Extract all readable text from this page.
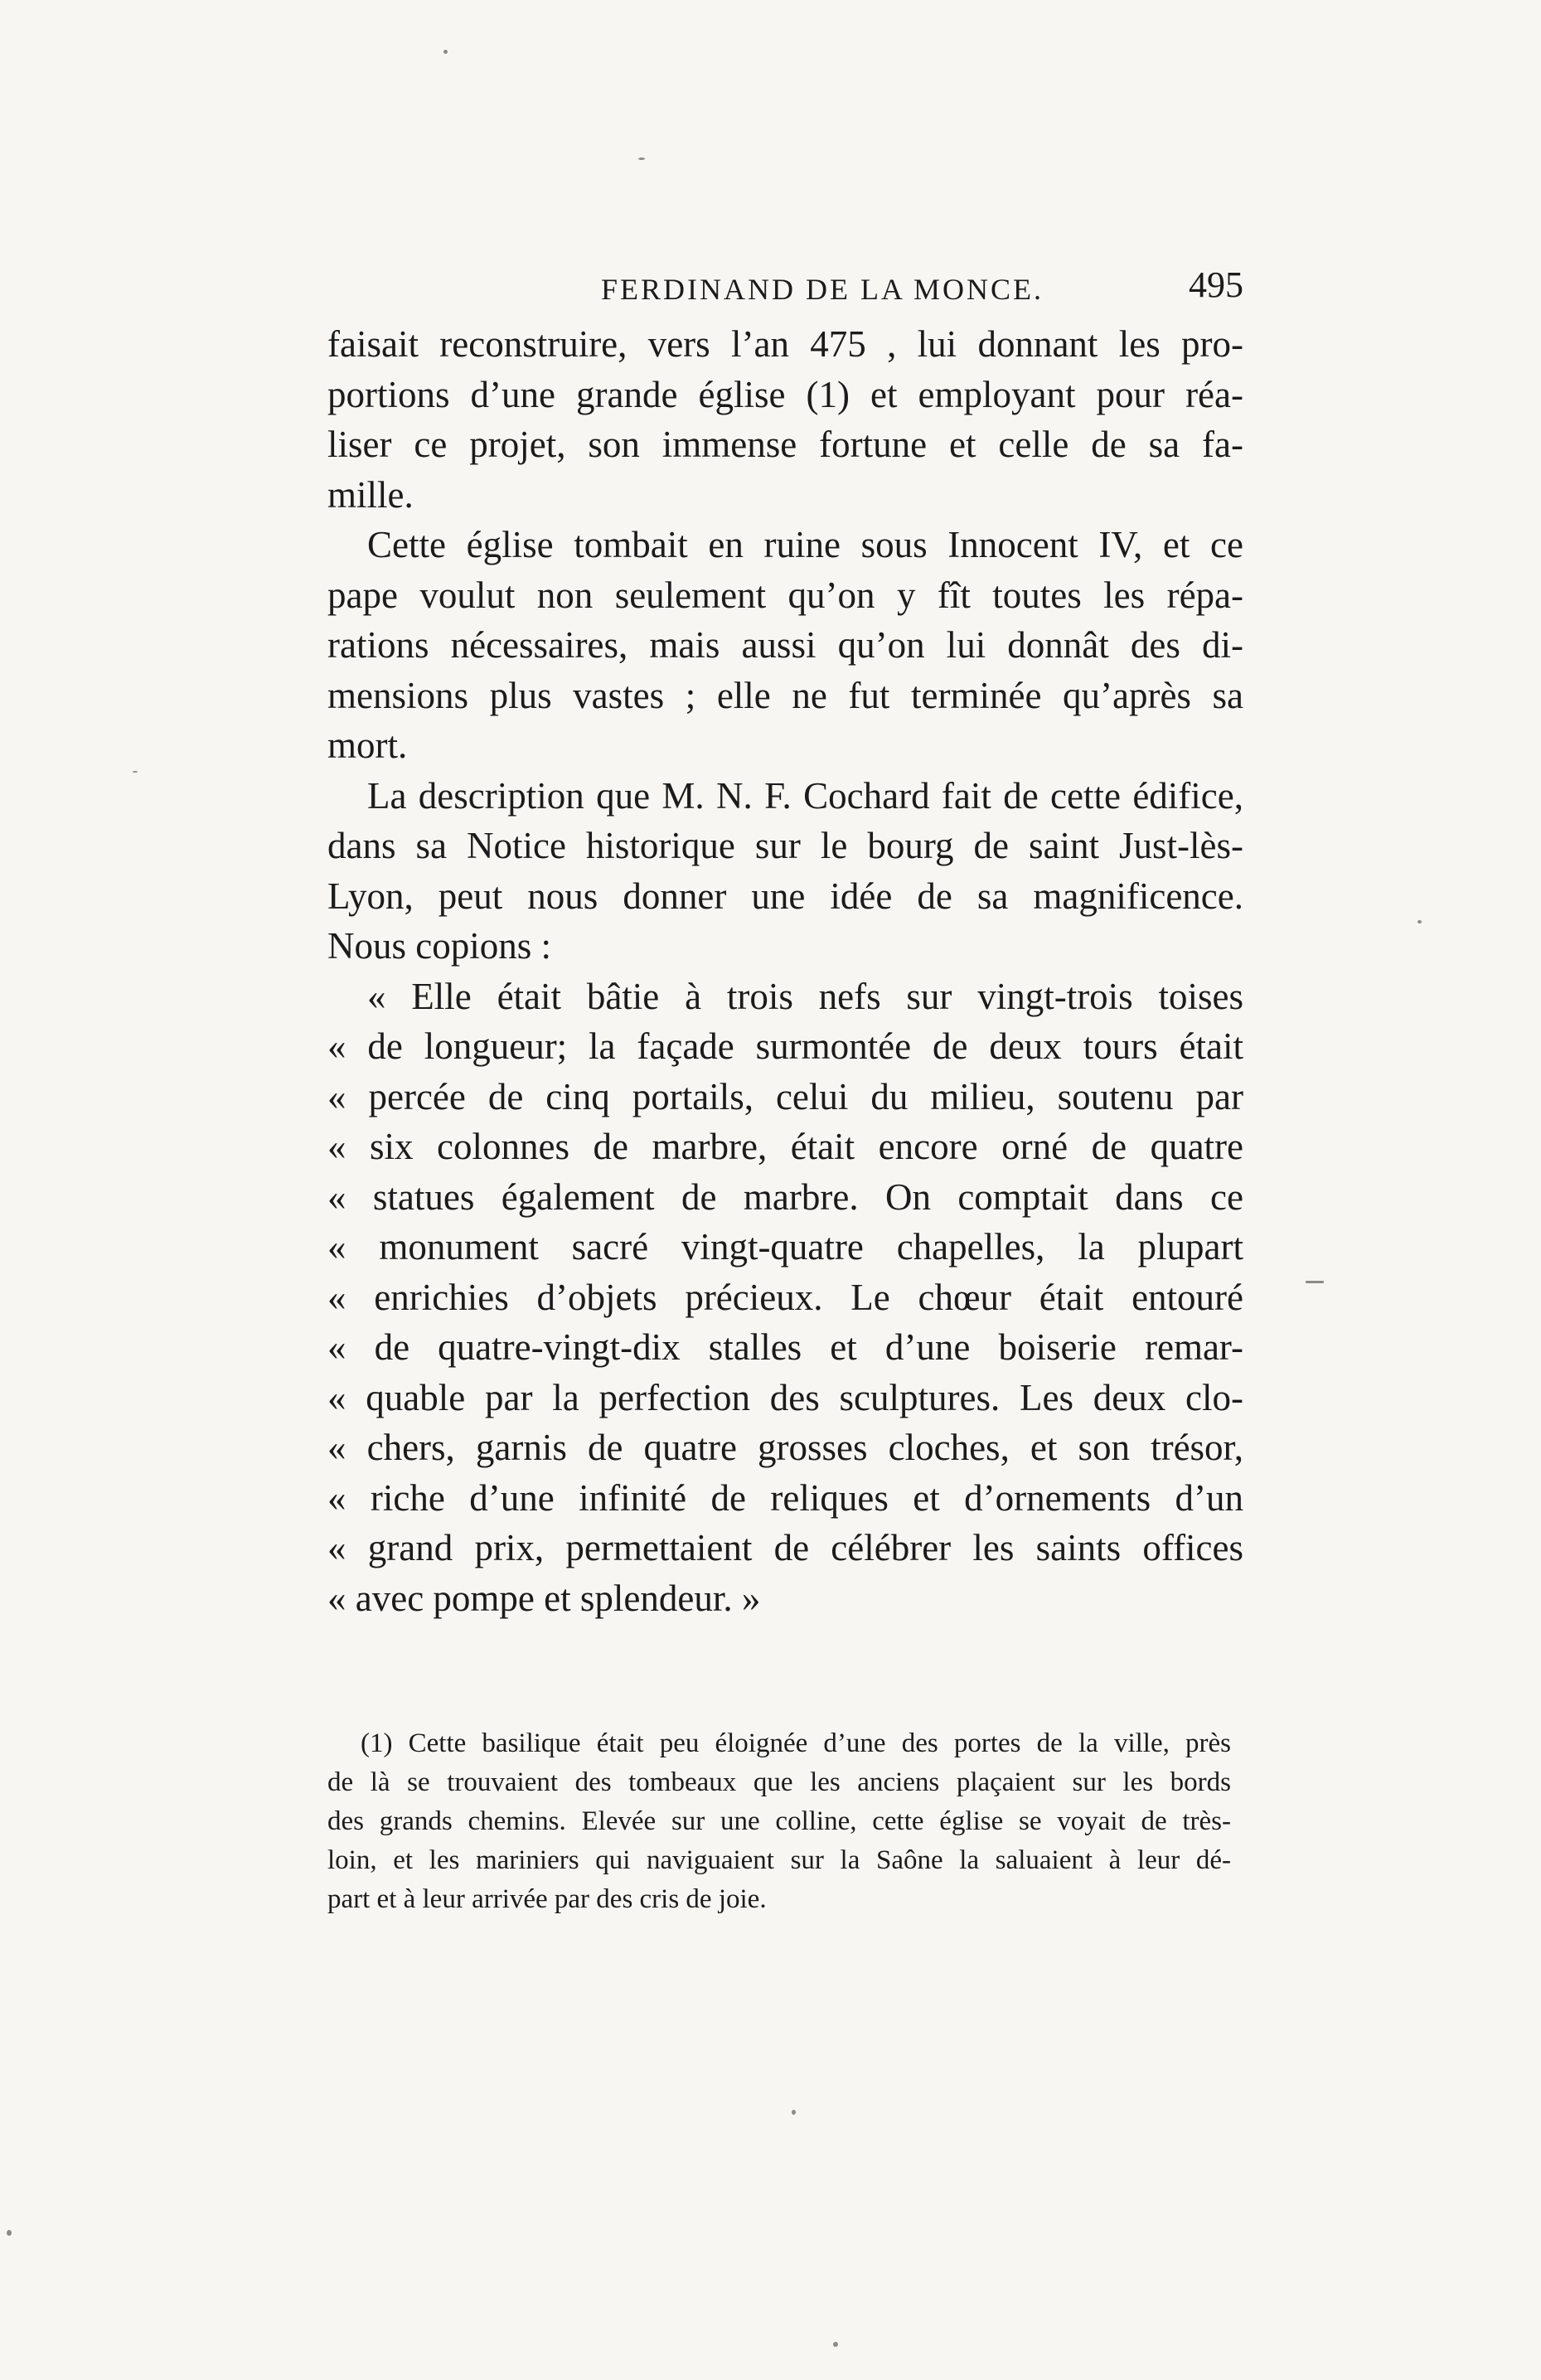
FERDINAND DE LA MONCE.	495
faisait reconstruire, vers l’an 475 , lui donnant les pro-
portions d’une grande église (1) et employant pour réa-
liser ce projet, son immense fortune et celle de sa fa-
mille.
Cette église tombait en ruine sous Innocent IV, et ce
pape voulut non seulement qu’on y fît toutes les répa-
rations nécessaires, mais aussi qu’on lui donnât des di-
mensions plus vastes ; elle ne fut terminée qu’après sa
mort.
La description que M. N. F. Cochard fait de cette édifice,
dans sa Notice historique sur le bourg de saint Just-lès-
Lyon, peut nous donner une idée de sa magnificence.
Nous copions :
« Elle était bâtie à trois nefs sur vingt-trois toises
« de longueur; la façade surmontée de deux tours était
« percée de cinq portails, celui du milieu, soutenu par
« six colonnes de marbre, était encore orné de quatre
« statues également de marbre. On comptait dans ce
« monument sacré vingt-quatre chapelles, la plupart
« enrichies d’objets précieux. Le chœur était entouré
« de quatre-vingt-dix stalles et d’une boiserie remar-
« quable par la perfection des sculptures. Les deux clo-
« chers, garnis de quatre grosses cloches, et son trésor,
« riche d’une infinité de reliques et d’ornements d’un
« grand prix, permettaient de célébrer les saints offices
« avec pompe et splendeur. »
(1) Cette basilique était peu éloignée d’une des portes de la ville, près
de là se trouvaient des tombeaux que les anciens plaçaient sur les bords
des grands chemins. Elevée sur une colline, cette église se voyait de très-
loin, et les mariniers qui naviguaient sur la Saône la saluaient à leur dé-
part et à leur arrivée par des cris de joie.
